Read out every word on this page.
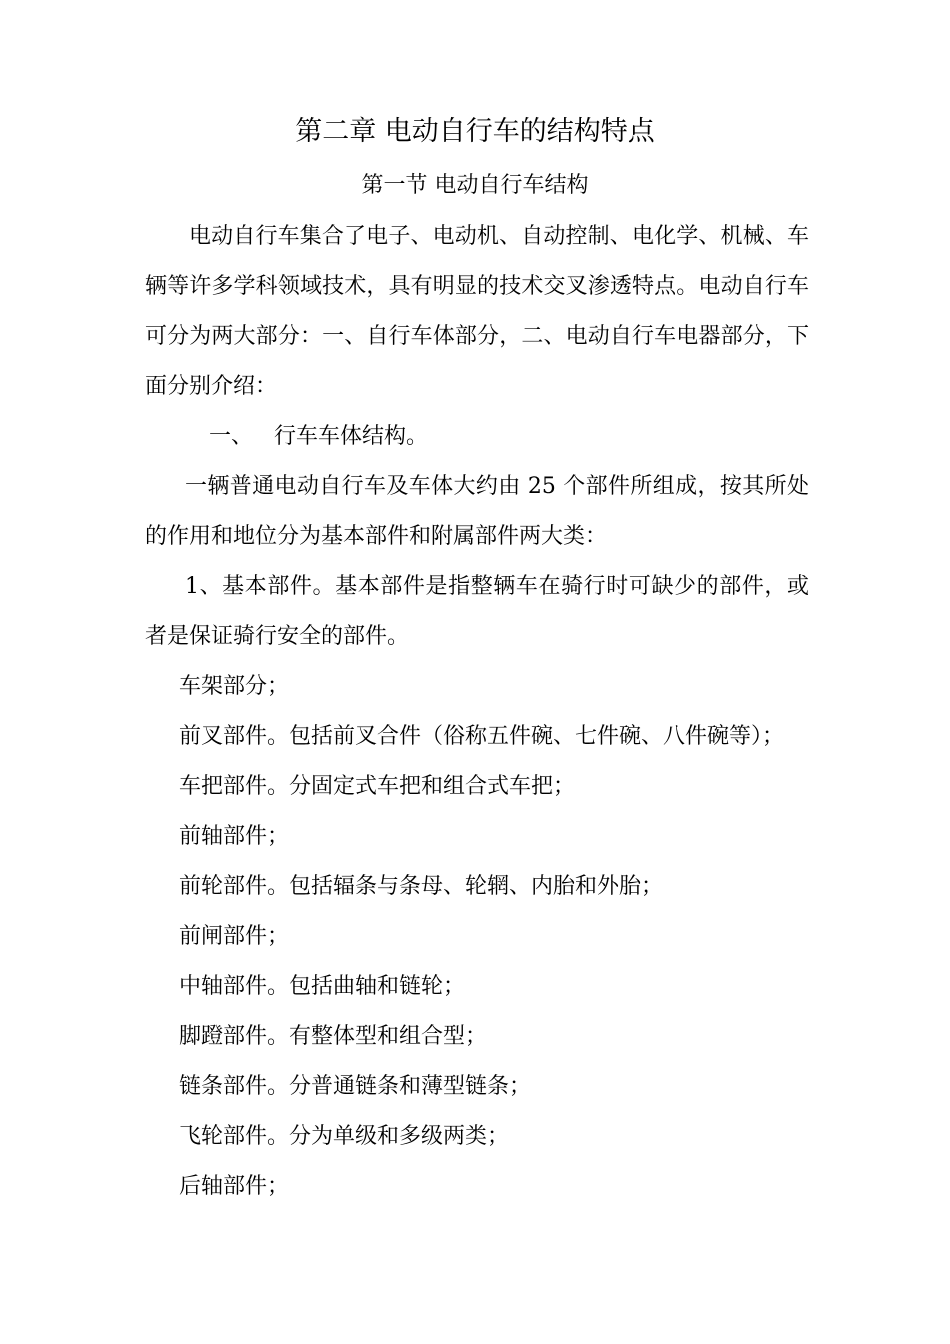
第二章 电动自行车的结构特点
第一节 电动自行车结构

电动自行车集合了电子、电动机、自动控制、电化学、机械、车辆等许多学科领域技术，具有明显的技术交叉渗透特点。电动自行车可分为两大部分：一、自行车体部分，二、电动自行车电器部分，下面分别介绍：

一、 行车车体结构。

一辆普通电动自行车及车体大约由 25 个部件所组成，按其所处的作用和地位分为基本部件和附属部件两大类：

1、基本部件。基本部件是指整辆车在骑行时可缺少的部件，或者是保证骑行安全的部件。

车架部分；

前叉部件。包括前叉合件（俗称五件碗、七件碗、八件碗等）；

车把部件。分固定式车把和组合式车把；

前轴部件；

前轮部件。包括辐条与条母、轮辋、内胎和外胎；

前闸部件；

中轴部件。包括曲轴和链轮；

脚蹬部件。有整体型和组合型；

链条部件。分普通链条和薄型链条；

飞轮部件。分为单级和多级两类；

后轴部件；
